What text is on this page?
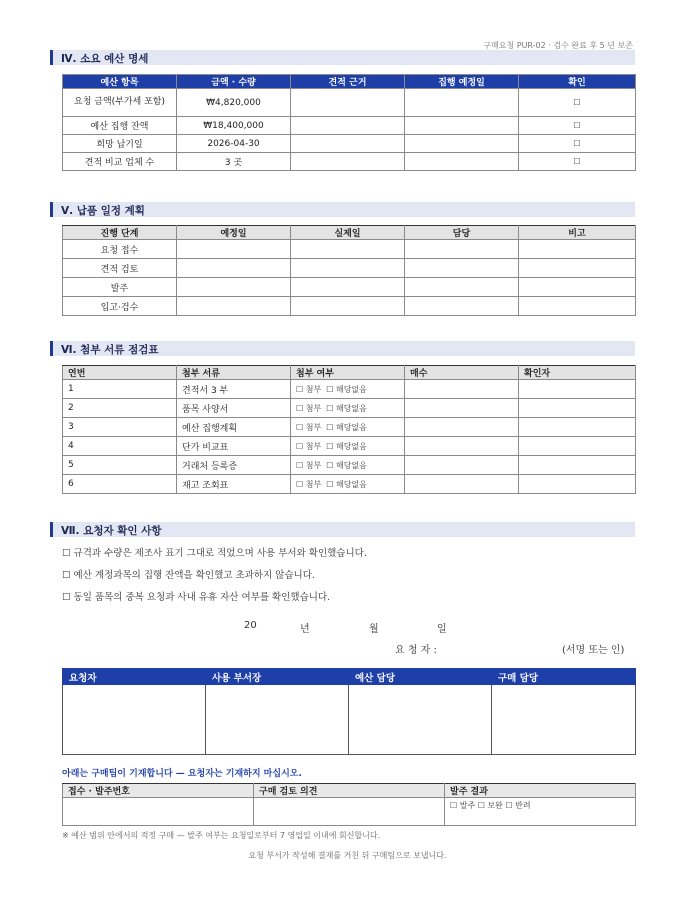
구매요청 PUR-02 · 검수 완료 후 5 년 보존
Ⅳ. 소요 예산 명세
예산 항목	금액 · 수량	견적 근거	집행 예정일	확인
요청 금액(부가세 포함)	₩4,820,000			☐
예산 집행 잔액	₩18,400,000			☐
희망 납기일	2026-04-30			☐
견적 비교 업체 수	3 곳			☐
Ⅴ. 납품 일정 계획
진행 단계	예정일	실제일	담당	비고
요청 접수				
견적 검토				
발주				
입고·검수				
Ⅵ. 첨부 서류 점검표
연번	첨부 서류	첨부 여부	매수	확인자
1	견적서 3 부	☐ 첨부 ☐ 해당없음		
2	품목 사양서	☐ 첨부 ☐ 해당없음		
3	예산 집행계획	☐ 첨부 ☐ 해당없음		
4	단가 비교표	☐ 첨부 ☐ 해당없음		
5	거래처 등록증	☐ 첨부 ☐ 해당없음		
6	재고 조회표	☐ 첨부 ☐ 해당없음		
Ⅶ. 요청자 확인 사항
☐ 규격과 수량은 제조사 표기 그대로 적었으며 사용 부서와 확인했습니다.
☐ 예산 계정과목의 집행 잔액을 확인했고 초과하지 않습니다.
☐ 동일 품목의 중복 요청과 사내 유휴 자산 여부를 확인했습니다.
20	년	월	일
요 청 자 :	(서명 또는 인)
요청자	사용 부서장	예산 담당	구매 담당

아래는 구매팀이 기재합니다 — 요청자는 기재하지 마십시오.
접수 · 발주번호	구매 검토 의견	발주 결과
		☐ 발주 ☐ 보완 ☐ 반려
※ 예산 범위 안에서의 적정 구매 — 발주 여부는 요청일로부터 7 영업일 이내에 회신합니다.
요청 부서가 작성해 결재를 거친 뒤 구매팀으로 보냅니다.
